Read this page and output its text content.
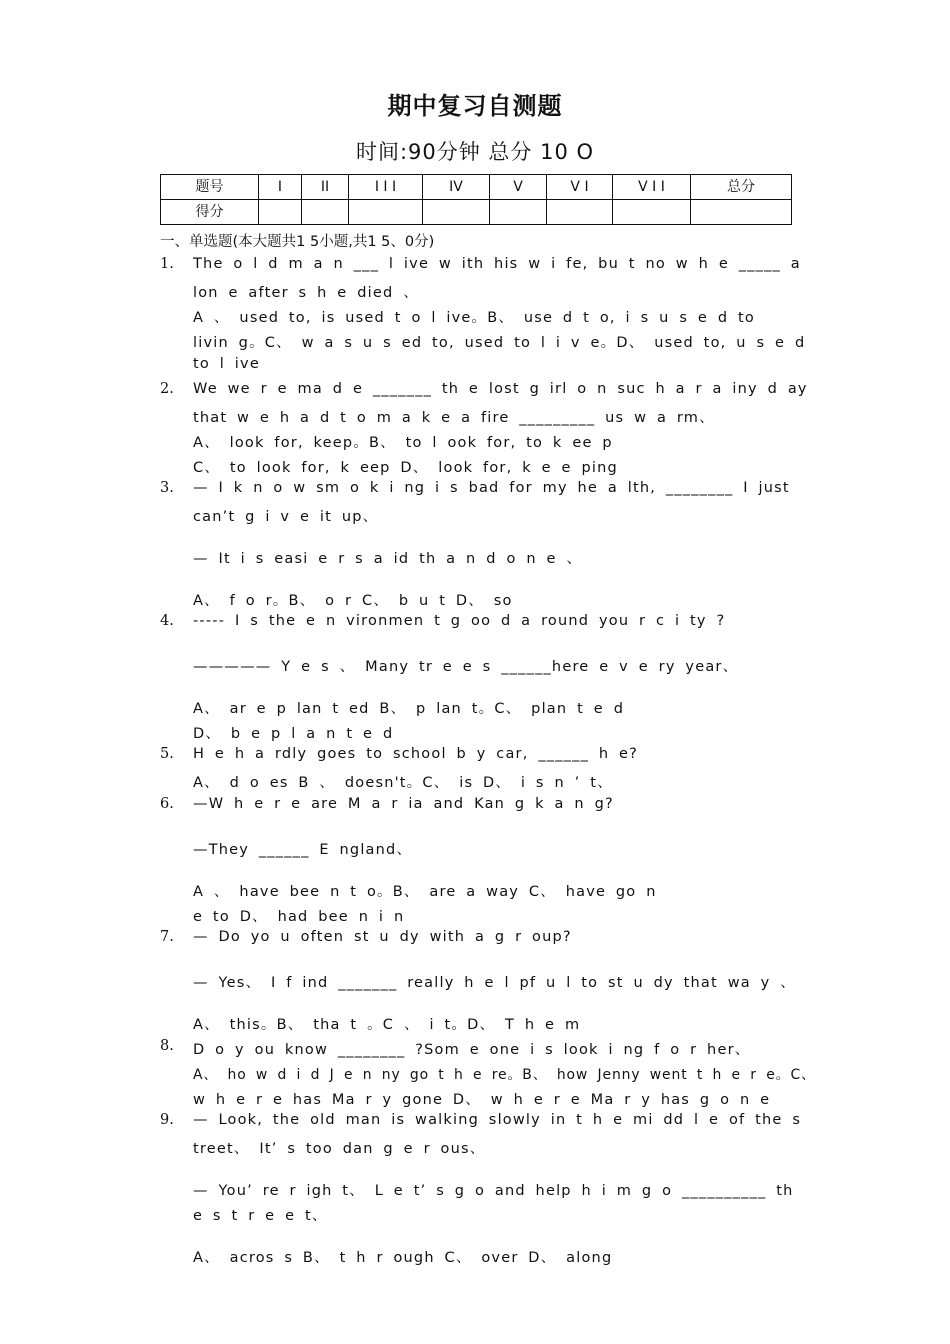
期中复习自测题
时间:90分钟 总分 10 O
题号	I	II	I I I	IV	V	V I	V I I	总分
得分								
一、单选题(本大题共1 5小题,共1 5、0分)
1.	The o l d m a n ___ l ive w ith his w i fe, bu t no w h e _____ a
lon e after s h e died 、
A 、 used to, is used t o l ive。B、 use d t o, i s u s e d to
livin g。C、 w a s u s ed to, used to l i v e。D、 used to, u s e d
to l ive
2.	We we r e ma d e _______ th e lost g irl o n suc h a r a iny d ay
that w e h a d t o m a k e a fire _________ us w a rm、
A、 look for, keep。B、 to l ook for, to k ee p
C、 to look for, k eep D、 look for, k e e ping
3.	— I k n o w sm o k i ng i s bad for my he a lth, ________ I just
can’t g i v e it up、
— It i s easi e r s a id th a n d o n e 、
A、 f o r。B、 o r C、 b u t D、 so
4.	----- I s the e n vironmen t g oo d a round you r c i ty ?
————— Y e s 、 Many tr e e s ______here e v e ry year、
A、 ar e p lan t ed B、 p lan t。C、 plan t e d
D、 b e p l a n t e d
5.	H e h a rdly goes to school b y car, ______ h e?
A、 d o es B 、 doesn't。C、 is D、 i s n ’ t、
6.	—W h e r e are M a r ia and Kan g k a n g?
—They ______ E ngland、
A 、 have bee n t o。B、 are a way C、 have go n
e to D、 had bee n i n
7.	— Do yo u often st u dy with a g r oup?
— Yes、 I f ind _______ really h e l pf u l to st u dy that wa y 、
A、 this。B、 tha t 。C 、 i t。D、 T h e m
8.	D o y ou know ________ ?Som e one i s look i ng f o r her、
A、 ho w d i d J e n ny go t h e re。B、 how Jenny went t h e r e。C、
w h e r e has Ma r y gone D、 w h e r e Ma r y has g o n e
9.	— Look, the old man is walking slowly in t h e mi dd l e of the s
treet、 It’ s too dan g e r ous、
— You’ re r igh t、 L e t’ s g o and help h i m g o __________ th
e s t r e e t、
A、 acros s B、 t h r ough C、 over D、 along
